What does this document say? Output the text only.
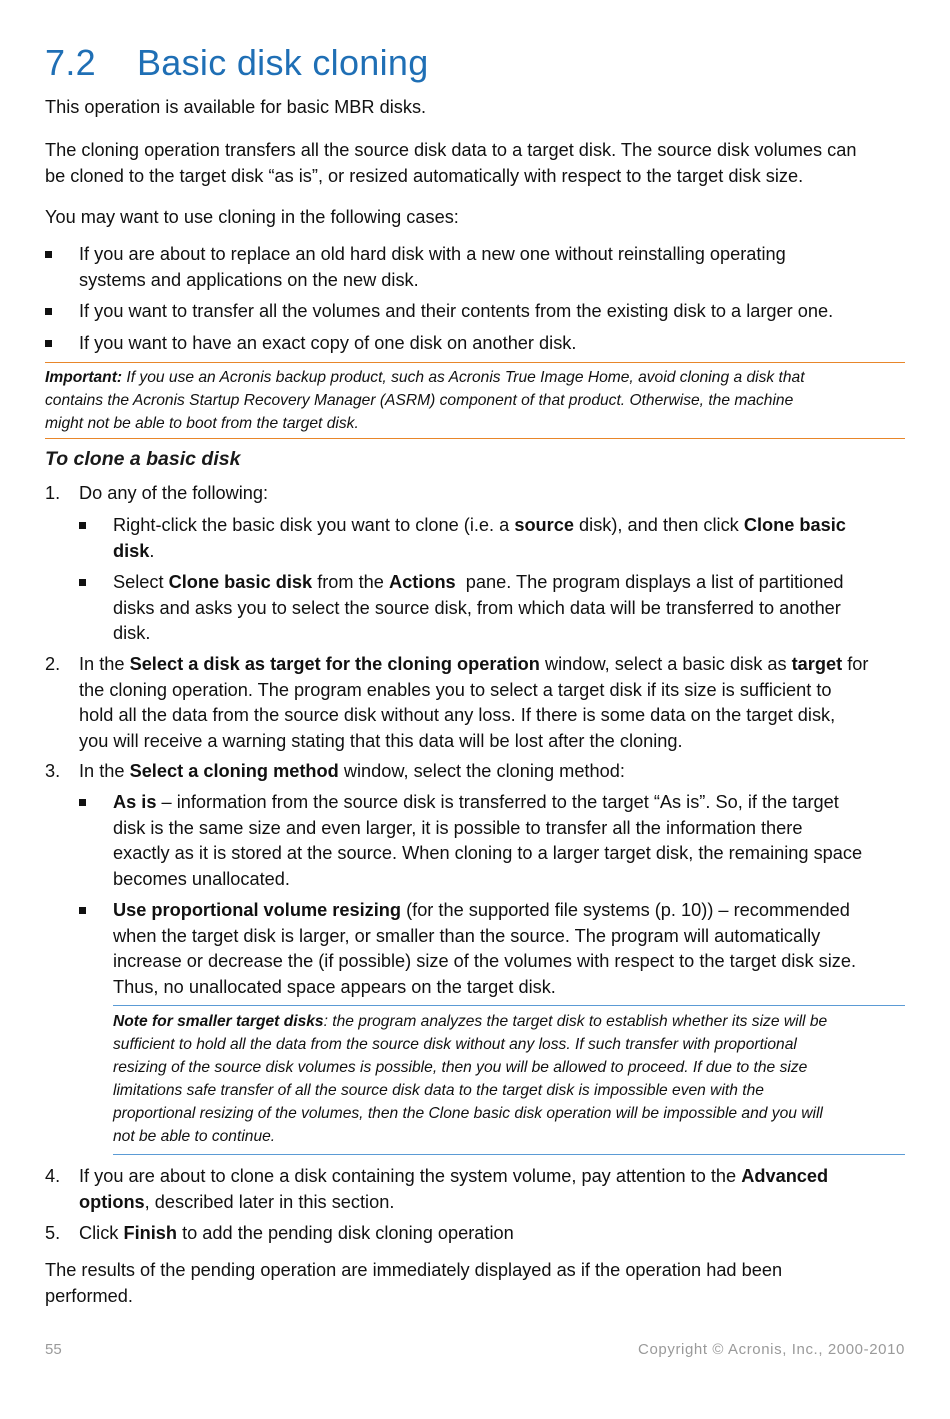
7.2 Basic disk cloning
This operation is available for basic MBR disks.
The cloning operation transfers all the source disk data to a target disk. The source disk volumes can
be cloned to the target disk “as is”, or resized automatically with respect to the target disk size.
You may want to use cloning in the following cases:
If you are about to replace an old hard disk with a new one without reinstalling operating
systems and applications on the new disk.
If you want to transfer all the volumes and their contents from the existing disk to a larger one.
If you want to have an exact copy of one disk on another disk.
Important: If you use an Acronis backup product, such as Acronis True Image Home, avoid cloning a disk that
contains the Acronis Startup Recovery Manager (ASRM) component of that product. Otherwise, the machine
might not be able to boot from the target disk.
To clone a basic disk
1. Do any of the following:
Right-click the basic disk you want to clone (i.e. a source disk), and then click Clone basic
disk.
Select Clone basic disk from the Actions  pane. The program displays a list of partitioned
disks and asks you to select the source disk, from which data will be transferred to another
disk.
2. In the Select a disk as target for the cloning operation window, select a basic disk as target for
the cloning operation. The program enables you to select a target disk if its size is sufficient to
hold all the data from the source disk without any loss. If there is some data on the target disk,
you will receive a warning stating that this data will be lost after the cloning.
3. In the Select a cloning method window, select the cloning method:
As is – information from the source disk is transferred to the target “As is”. So, if the target
disk is the same size and even larger, it is possible to transfer all the information there
exactly as it is stored at the source. When cloning to a larger target disk, the remaining space
becomes unallocated.
Use proportional volume resizing (for the supported file systems (p. 10)) – recommended
when the target disk is larger, or smaller than the source. The program will automatically
increase or decrease the (if possible) size of the volumes with respect to the target disk size.
Thus, no unallocated space appears on the target disk.
Note for smaller target disks: the program analyzes the target disk to establish whether its size will be
sufficient to hold all the data from the source disk without any loss. If such transfer with proportional
resizing of the source disk volumes is possible, then you will be allowed to proceed. If due to the size
limitations safe transfer of all the source disk data to the target disk is impossible even with the
proportional resizing of the volumes, then the Clone basic disk operation will be impossible and you will
not be able to continue.
4. If you are about to clone a disk containing the system volume, pay attention to the Advanced
options, described later in this section.
5. Click Finish to add the pending disk cloning operation
The results of the pending operation are immediately displayed as if the operation had been
performed.
55	Copyright © Acronis, Inc., 2000-2010
